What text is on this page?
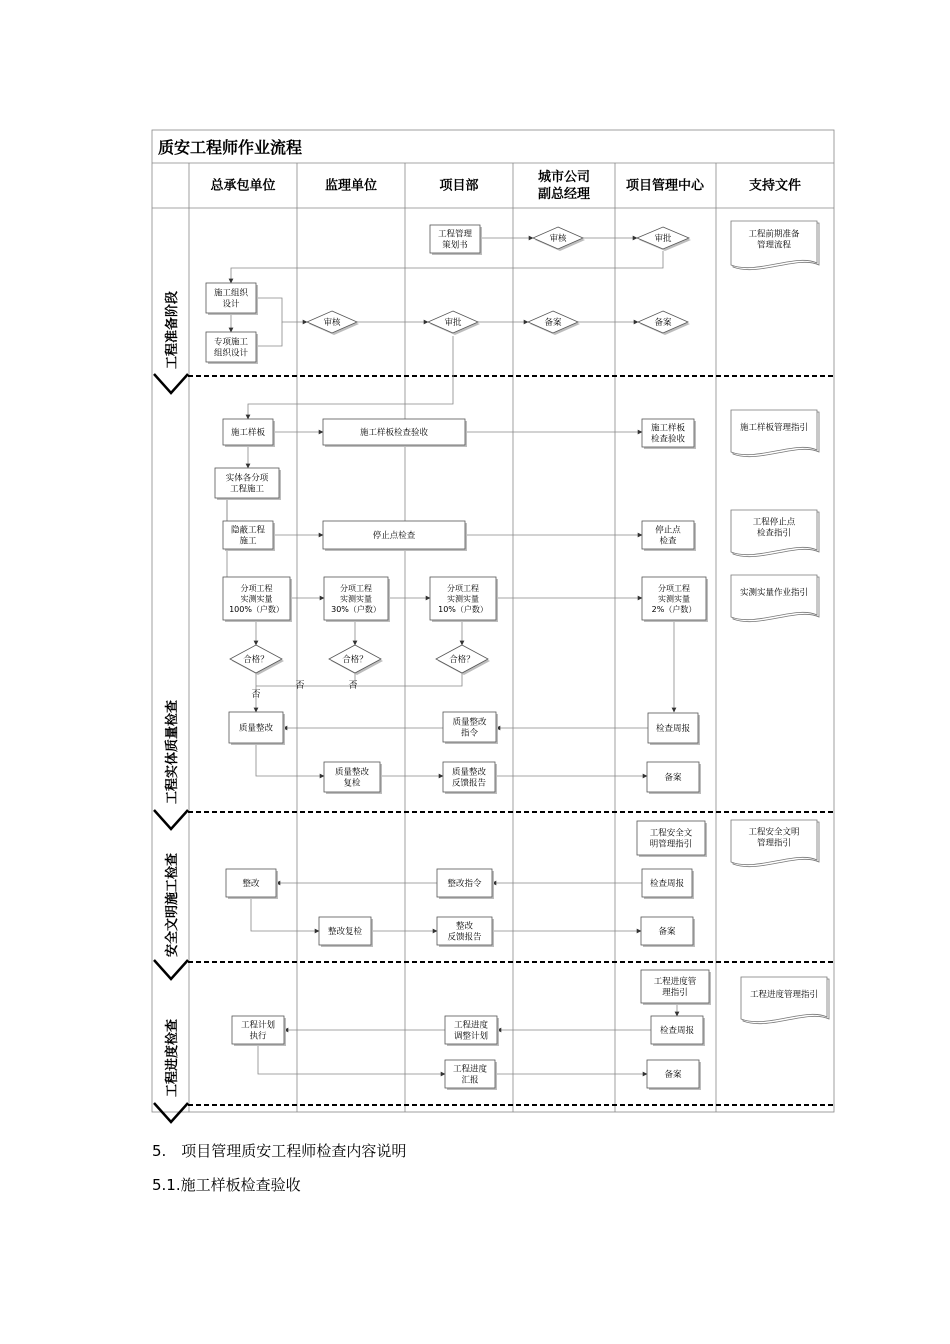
质安工程师作业流程
总承包单位	监理单位	项目部
城市公司副总经理
项目管理中心	支持文件
工程准备阶段
工程实体质量检查
安全文明施工检查
工程进度检查
工程管理策划书
审核	审批
施工组织设计
专项施工组织设计
审核	审批	备案	备案
施工样板	施工样板检查验收	施工样板检查验收
实体各分项工程施工
隐蔽工程施工
停止点检查
停止点检查
分项工程实测实量 100%（户数）
分项工程实测实量 30%（户数）
分项工程实测实量 10%（户数）
分项工程实测实量 2%（户数）
合格？	合格？	合格？
质量整改
质量整改指令	检查周报
质量整改复检
质量整改反馈报告
备案
工程安全文明管理指引
整改	整改指令	检查周报
整改复检
整改反馈报告
备案
工程进度管理指引
工程计划执行
工程进度调整计划
检查周报
工程进度汇报
备案
工程前期准备管理流程
施工样板管理指引
工程停止点检查指引
实测实量作业指引
工程安全文明管理指引
工程进度管理指引
否
否	否
5.　项目管理质安工程师检查内容说明
5.1.施工样板检查验收
